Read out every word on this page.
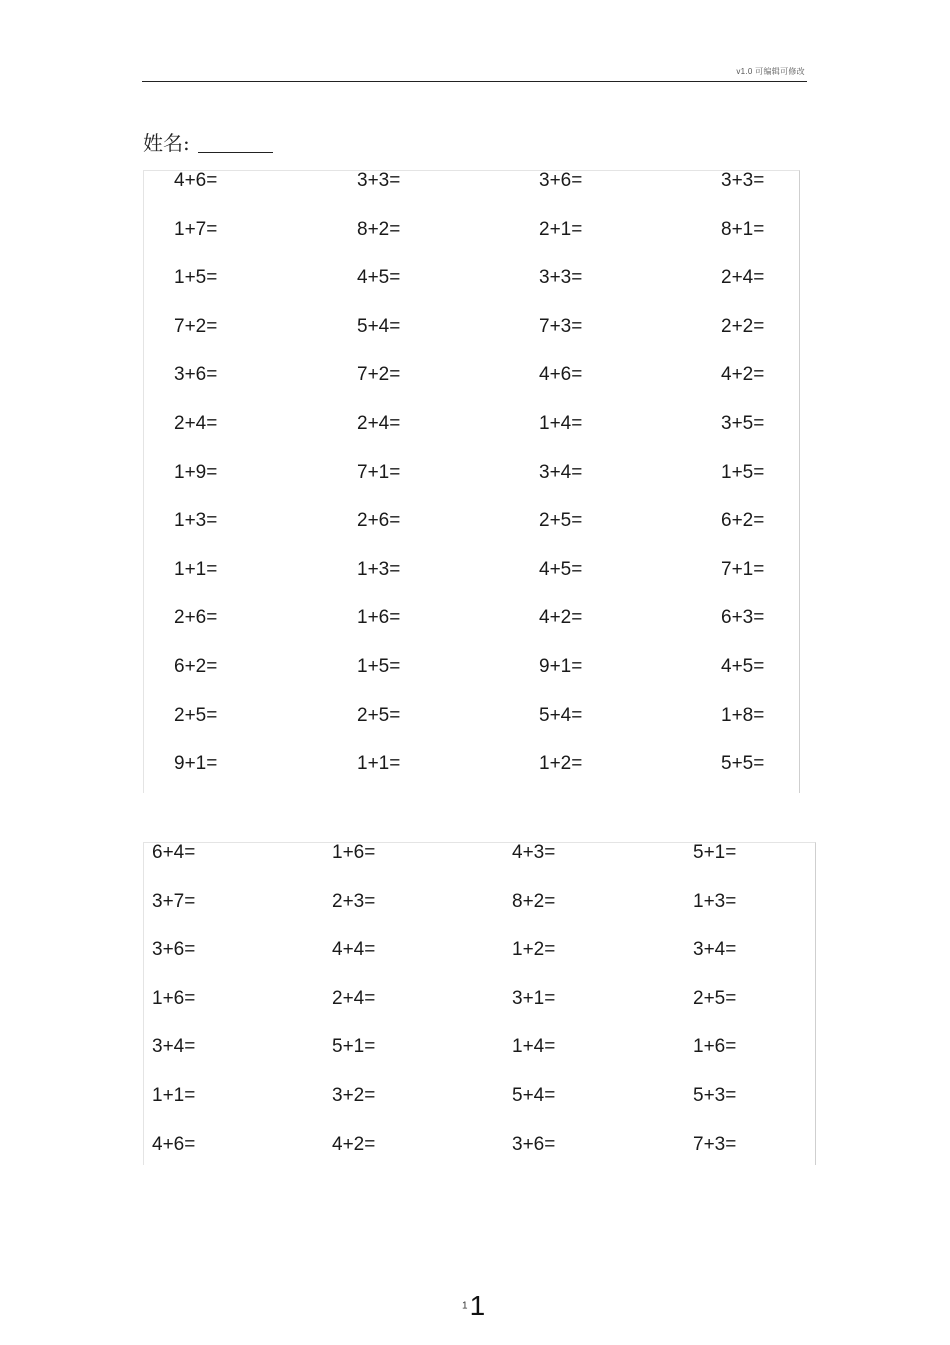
v1.0 可编辑可修改
姓名:
4+6=	3+3=	3+6=	3+3=
1+7=	8+2=	2+1=	8+1=
1+5=	4+5=	3+3=	2+4=
7+2=	5+4=	7+3=	2+2=
3+6=	7+2=	4+6=	4+2=
2+4=	2+4=	1+4=	3+5=
1+9=	7+1=	3+4=	1+5=
1+3=	2+6=	2+5=	6+2=
1+1=	1+3=	4+5=	7+1=
2+6=	1+6=	4+2=	6+3=
6+2=	1+5=	9+1=	4+5=
2+5=	2+5=	5+4=	1+8=
9+1=	1+1=	1+2=	5+5=
6+4=	1+6=	4+3=	5+1=
3+7=	2+3=	8+2=	1+3=
3+6=	4+4=	1+2=	3+4=
1+6=	2+4=	3+1=	2+5=
3+4=	5+1=	1+4=	1+6=
1+1=	3+2=	5+4=	5+3=
4+6=	4+2=	3+6=	7+3=
11
